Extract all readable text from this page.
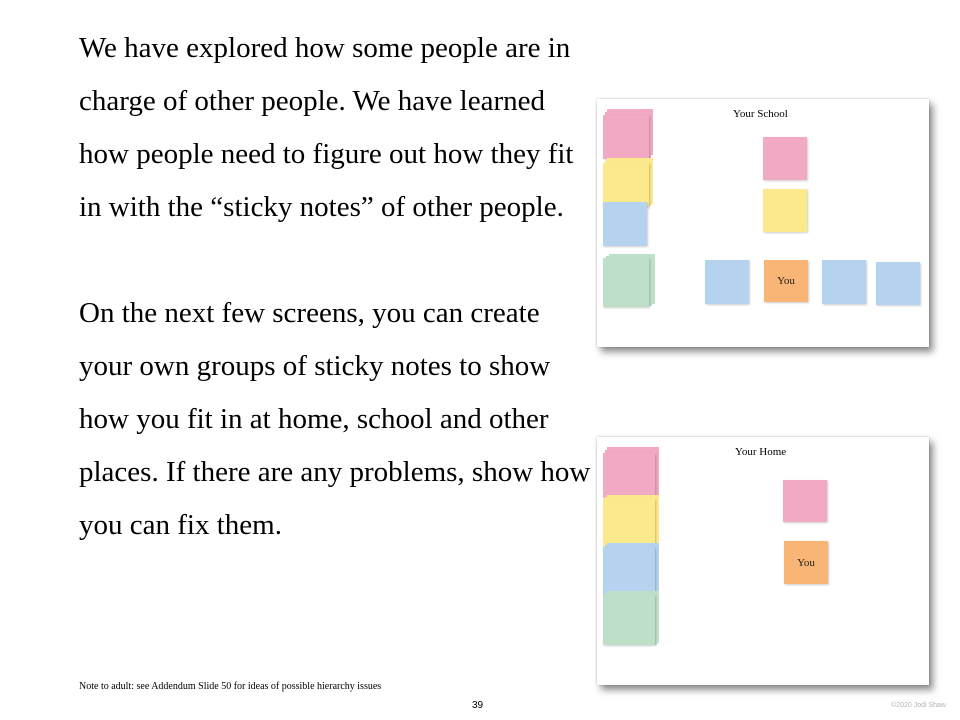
We have explored how some people are in charge of other people. We have learned how people need to figure out how they fit in with the “sticky notes” of other people.

On the next few screens, you can create your own groups of sticky notes to show how you fit in at home, school and other places. If there are any problems, show how you can fix them.

Note to adult: see Addendum Slide 50 for ideas of possible hierarchy issues
Your School
You
Your Home
You
39	©2020 Jodi Shaw
